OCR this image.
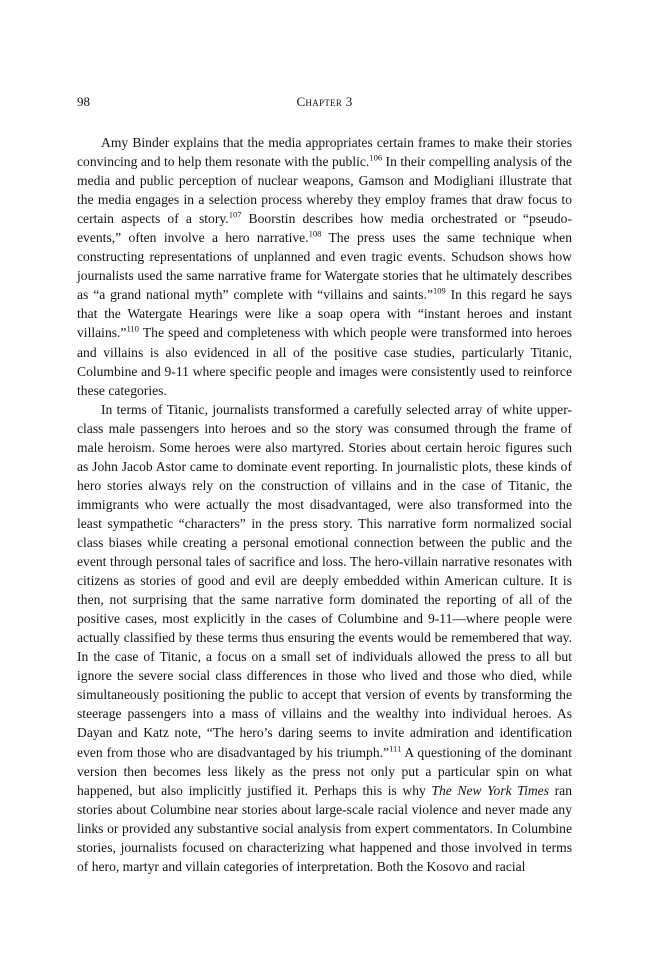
98	Chapter 3

Amy Binder explains that the media appropriates certain frames to make their stories convincing and to help them resonate with the public.$^{106}$ In their compelling analysis of the media and public perception of nuclear weapons, Gamson and Modigliani illustrate that the media engages in a selection process whereby they employ frames that draw focus to certain aspects of a story.$^{107}$ Boorstin describes how media orchestrated or “pseudo-events,” often involve a hero narrative.$^{108}$ The press uses the same technique when constructing representations of unplanned and even tragic events. Schudson shows how journalists used the same narrative frame for Watergate stories that he ultimately describes as “a grand national myth” complete with “villains and saints.”$^{109}$ In this regard he says that the Watergate Hearings were like a soap opera with “instant heroes and instant villains.”$^{110}$ The speed and completeness with which people were transformed into heroes and villains is also evidenced in all of the positive case studies, particularly Titanic, Columbine and 9-11 where specific people and images were consistently used to reinforce these categories.

In terms of Titanic, journalists transformed a carefully selected array of white upper-class male passengers into heroes and so the story was consumed through the frame of male heroism. Some heroes were also martyred. Stories about certain heroic figures such as John Jacob Astor came to dominate event reporting. In journalistic plots, these kinds of hero stories always rely on the construction of villains and in the case of Titanic, the immigrants who were actually the most disadvantaged, were also transformed into the least sympathetic “characters” in the press story. This narrative form normalized social class biases while creating a personal emotional connection between the public and the event through personal tales of sacrifice and loss. The hero-villain narrative resonates with citizens as stories of good and evil are deeply embedded within American culture. It is then, not surprising that the same narrative form dominated the reporting of all of the positive cases, most explicitly in the cases of Columbine and 9-11—where people were actually classified by these terms thus ensuring the events would be remembered that way. In the case of Titanic, a focus on a small set of individuals allowed the press to all but ignore the severe social class differences in those who lived and those who died, while simultaneously positioning the public to accept that version of events by transforming the steerage passengers into a mass of villains and the wealthy into individual heroes. As Dayan and Katz note, “The hero’s daring seems to invite admiration and identification even from those who are disadvantaged by his triumph.”$^{111}$ A questioning of the dominant version then becomes less likely as the press not only put a particular spin on what happened, but also implicitly justified it. Perhaps this is why The New York Times ran stories about Columbine near stories about large-scale racial violence and never made any links or provided any substantive social analysis from expert commentators. In Columbine stories, journalists focused on characterizing what happened and those involved in terms of hero, martyr and villain categories of interpretation. Both the Kosovo and racial
